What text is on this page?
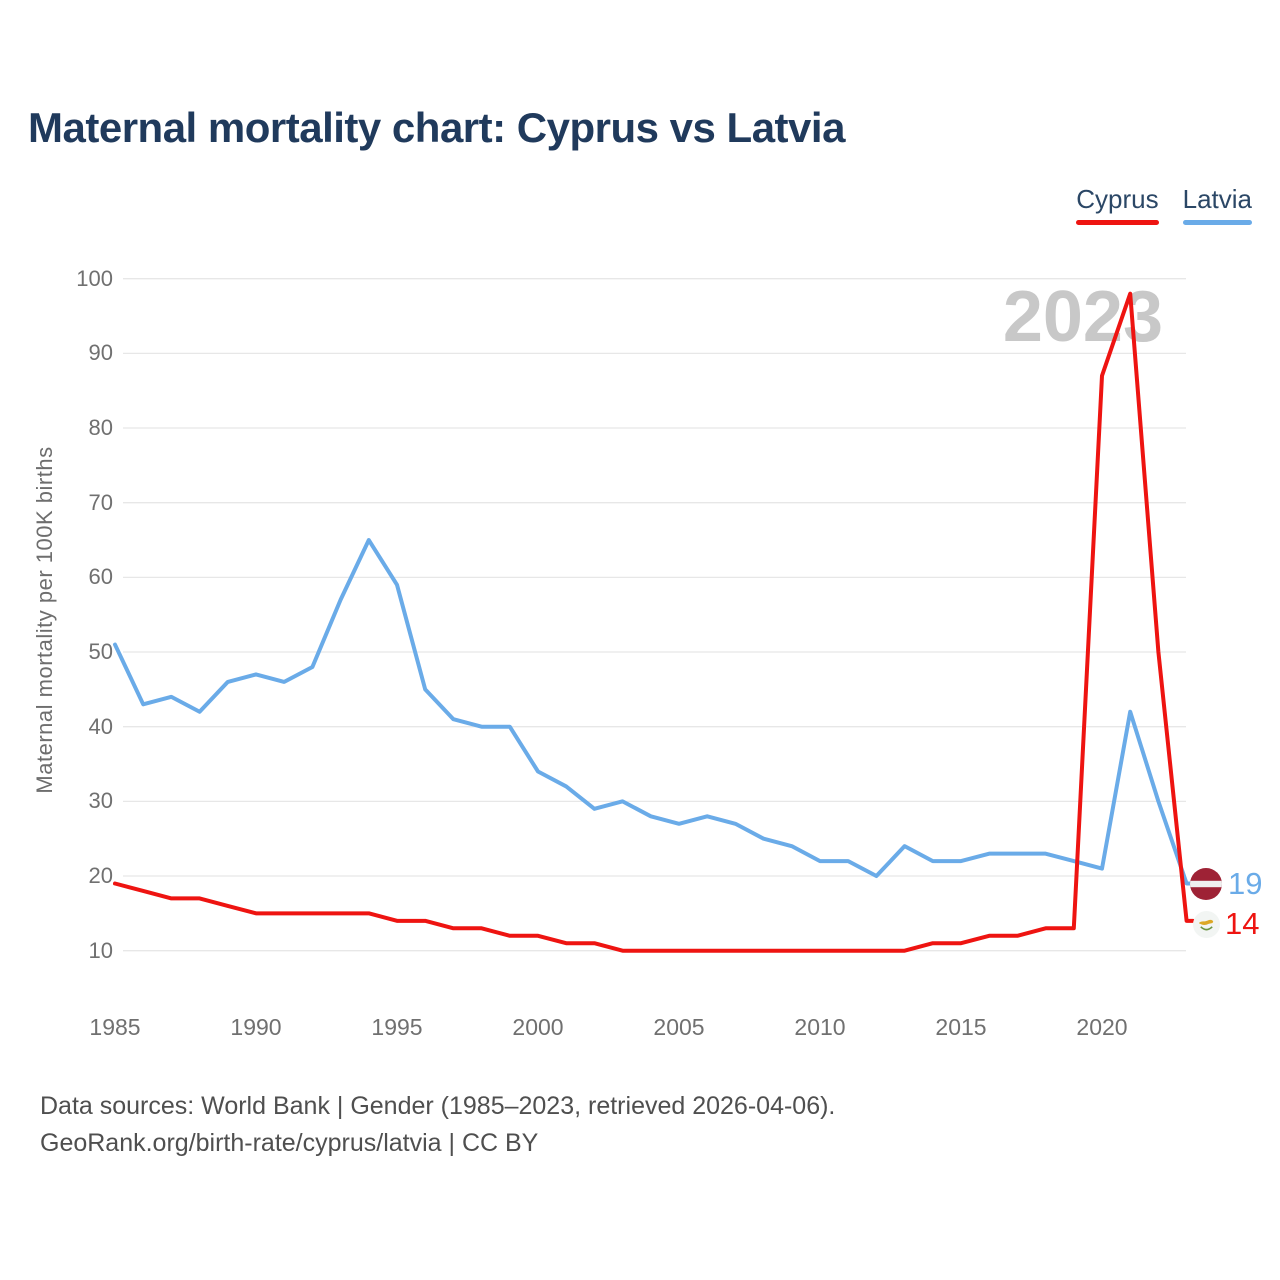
Maternal mortality chart: Cyprus vs Latvia
Cyprus Latvia
2023
Maternal mortality per 100K births
10
20
30
40
50
60
70
80
90
100
1985	1990	1995	2000	2005	2010	2015	2020
19
14
Data sources: World Bank | Gender (1985–2023, retrieved 2026-04-06).
GeoRank.org/birth-rate/cyprus/latvia | CC BY
